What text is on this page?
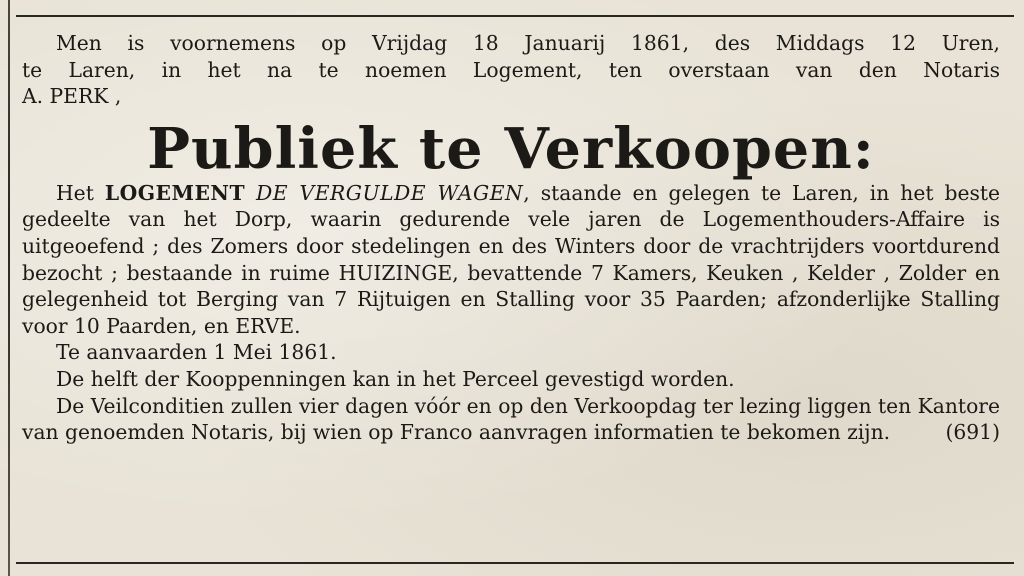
Men is voornemens op Vrijdag 18 Januarij 1861, des Middags 12 Uren,

te Laren, in het na te noemen Logement, ten overstaan van den Notaris

A. PERK ,

Publiek te Verkoopen:

Het LOGEMENT DE VERGULDE WAGEN, staande en gelegen te Laren, in het beste gedeelte van het Dorp, waarin gedurende vele jaren de Logementhouders-Affaire is uitgeoefend ; des Zomers door stedelingen en des Winters door de vrachtrijders voortdurend bezocht ; bestaande in ruime HUIZINGE, bevattende 7 Kamers, Keuken , Kelder , Zolder en gelegenheid tot Berging van 7 Rijtuigen en Stalling voor 35 Paarden; afzonderlijke Stalling voor 10 Paarden, en ERVE.

Te aanvaarden 1 Mei 1861.

De helft der Kooppenningen kan in het Perceel gevestigd worden.

De Veilconditien zullen vier dagen vóór en op den Verkoopdag ter lezing liggen ten Kantore van genoemden Notaris, bij wien op Franco aanvragen informatien te bekomen zijn.	(691)
